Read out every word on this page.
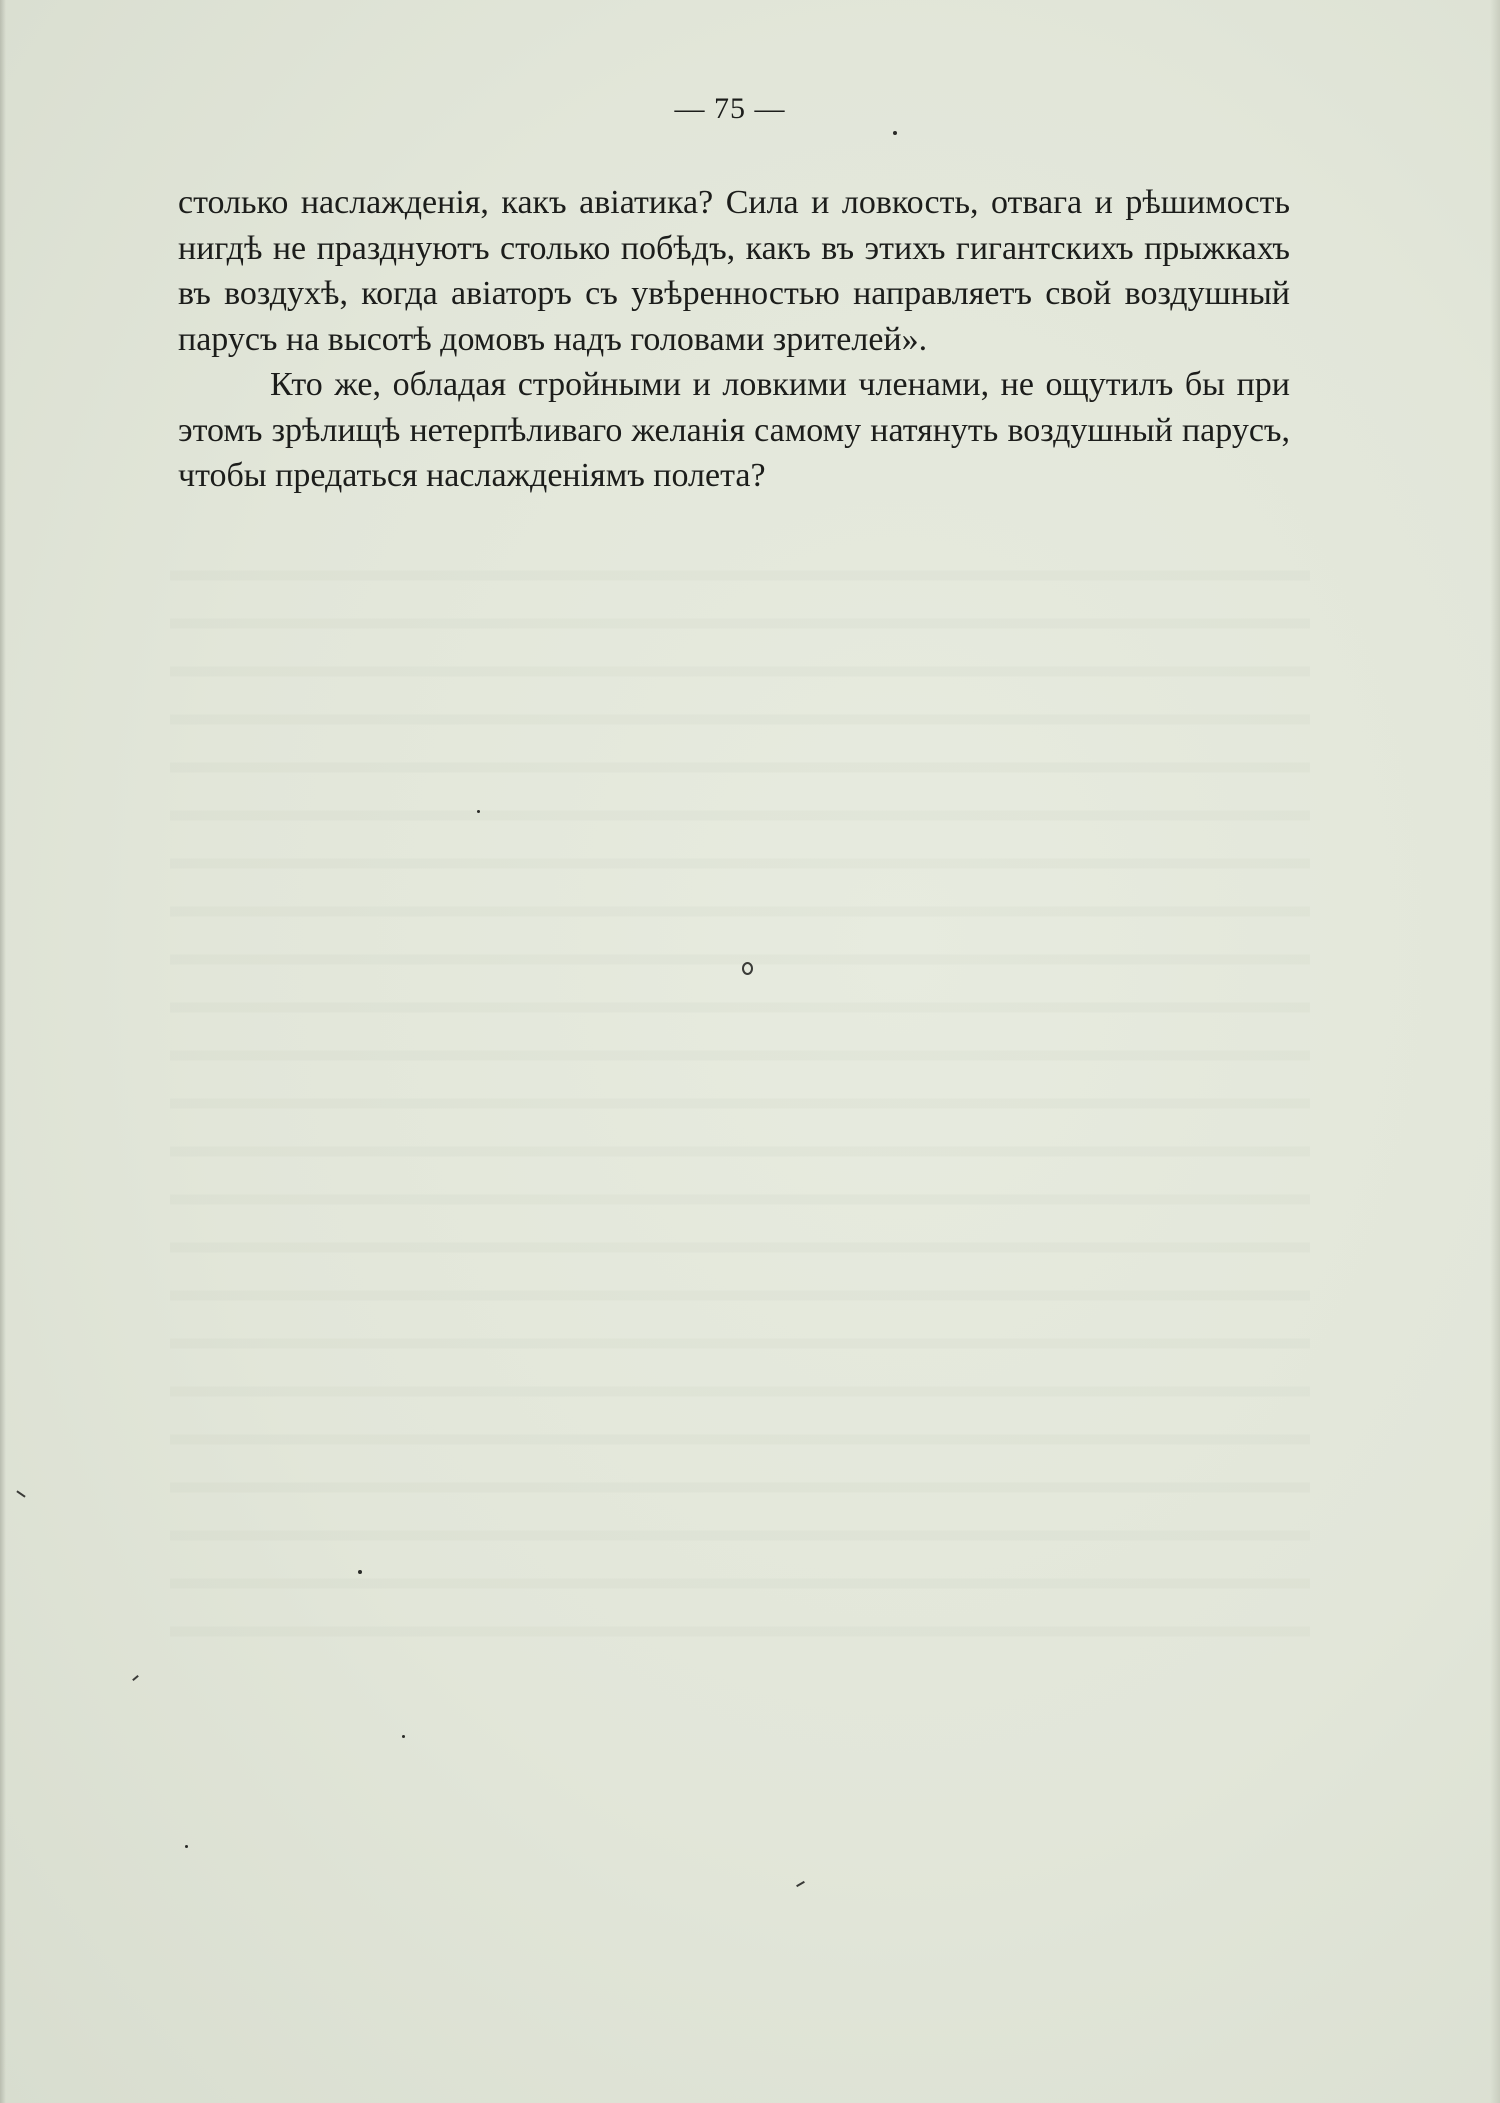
— 75 —

столько наслажденія, какъ авіатика? Сила и ловкость, отвага и рѣшимость нигдѣ не празднуютъ столько побѣдъ, какъ въ этихъ гигантскихъ прыжкахъ въ воздухѣ, когда авіаторъ съ увѣренностью направляетъ свой воздушный парусъ на высотѣ домовъ надъ головами зрителей».

Кто же, обладая стройными и ловкими членами, не ощутилъ бы при этомъ зрѣлищѣ нетерпѣливаго желанія самому натянуть воздушный парусъ, чтобы предаться наслажденіямъ полета?
